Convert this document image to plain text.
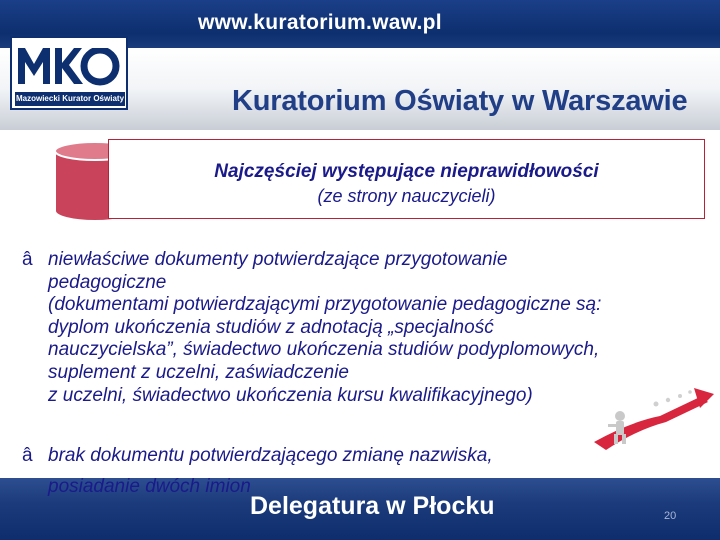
www.kuratorium.waw.pl
Mazowiecki Kurator Oświaty	Kuratorium Oświaty w Warszawie
Najczęściej występujące nieprawidłowości
(ze strony nauczycieli)
â niewłaściwe dokumenty potwierdzające przygotowanie
pedagogiczne
(dokumentami potwierdzającymi przygotowanie pedagogiczne są:
dyplom ukończenia studiów z adnotacją „specjalność
nauczycielska”, świadectwo ukończenia studiów podyplomowych,
suplement z uczelni, zaświadczenie
z uczelni, świadectwo ukończenia kursu kwalifikacyjnego)
â brak dokumentu potwierdzającego zmianę nazwiska,
posiadanie dwóch imion
Delegatura w Płocku	20
